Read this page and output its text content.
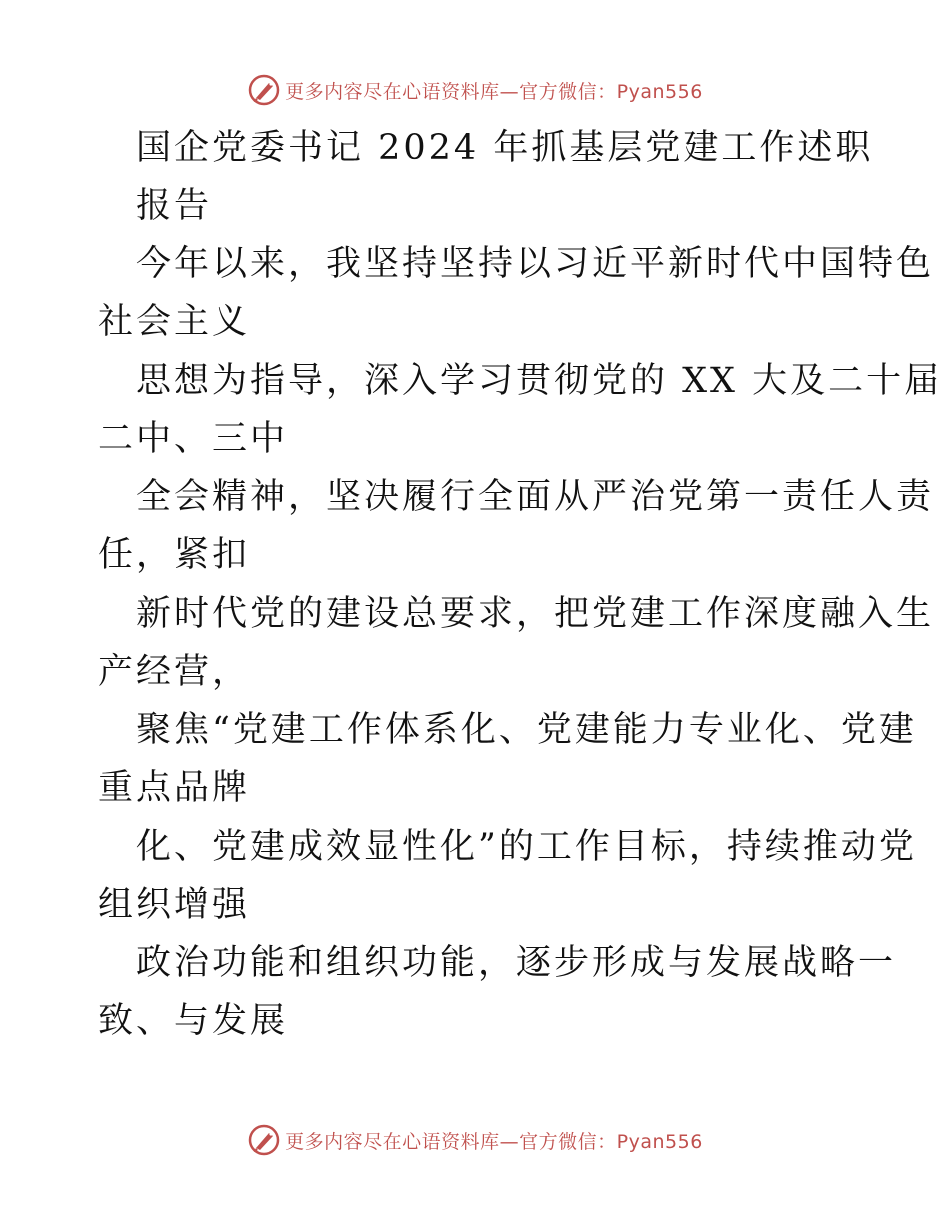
更多内容尽在心语资料库—官方微信：Pyan556
国企党委书记 2024 年抓基层党建工作述职
报告
今年以来，我坚持坚持以习近平新时代中国特色
社会主义
思想为指导，深入学习贯彻党的 XX 大及二十届
二中、三中
全会精神，坚决履行全面从严治党第一责任人责
任，紧扣
新时代党的建设总要求，把党建工作深度融入生
产经营，
聚焦“党建工作体系化、党建能力专业化、党建
重点品牌
化、党建成效显性化”的工作目标，持续推动党
组织增强
政治功能和组织功能，逐步形成与发展战略一
致、与发展
更多内容尽在心语资料库—官方微信：Pyan556
